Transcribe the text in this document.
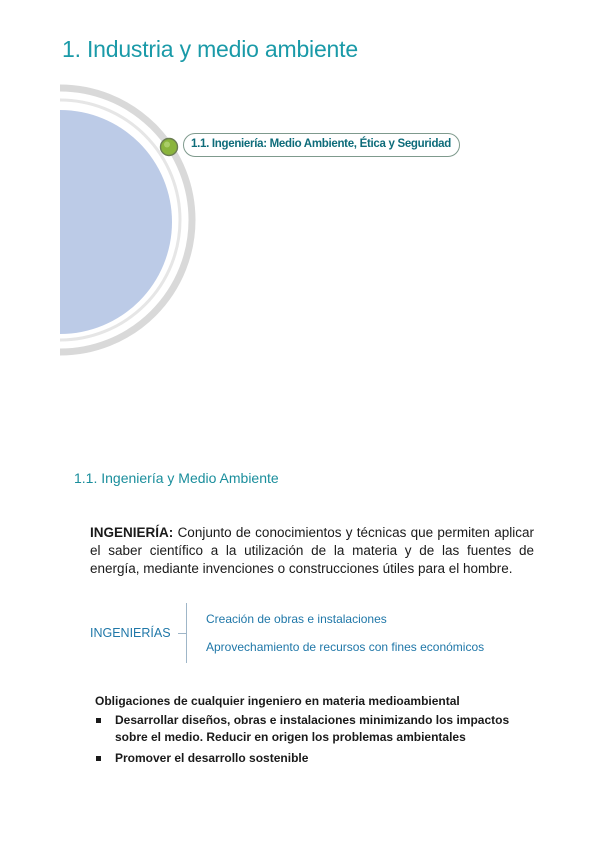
1. Industria y medio ambiente
1.1. Ingeniería: Medio Ambiente, Ética y Seguridad
1.1. Ingeniería y Medio Ambiente

INGENIERÍA: Conjunto de conocimientos y técnicas que permiten aplicar el saber científico a la utilización de la materia y de las fuentes de energía, mediante invenciones o construcciones útiles para el hombre.

INGENIERÍAS
Creación de obras e instalaciones
Aprovechamiento de recursos con fines económicos
Obligaciones de cualquier ingeniero en materia medioambiental
Desarrollar diseños, obras e instalaciones minimizando los impactos sobre el medio. Reducir en origen los problemas ambientales
Promover el desarrollo sostenible
